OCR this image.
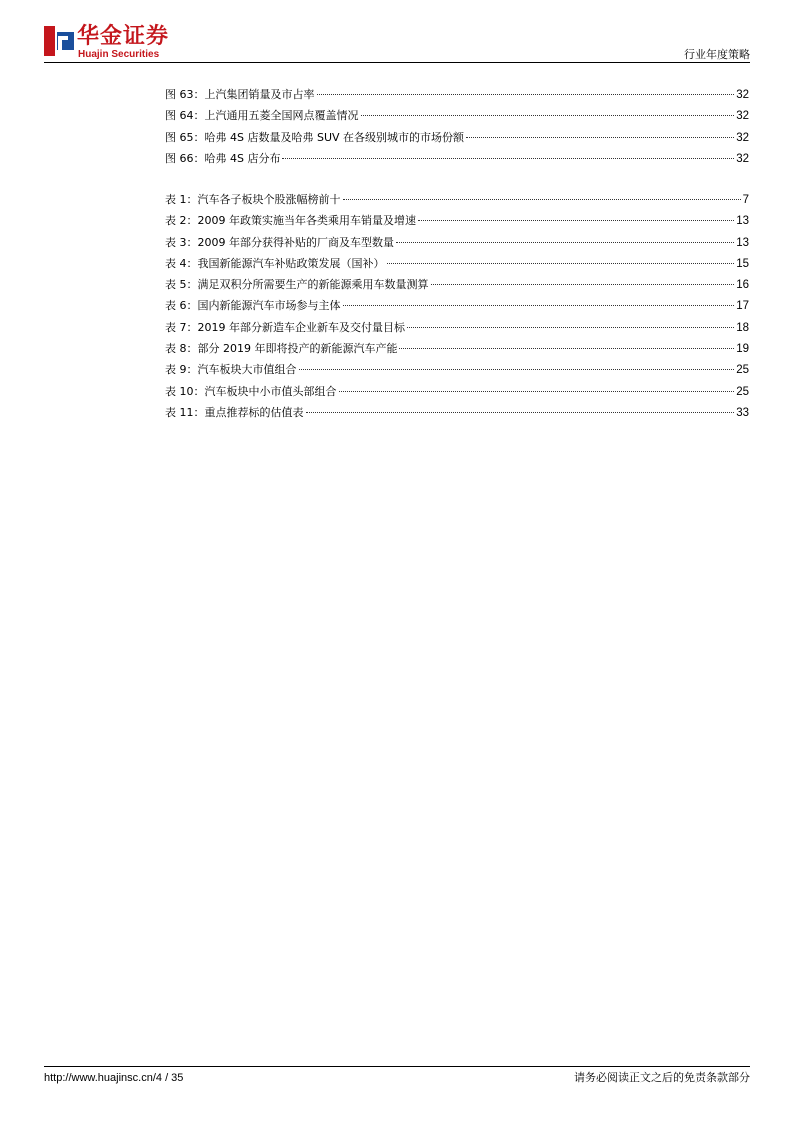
华金证券
Huajin Securities	行业年度策略
图 63：上汽集团销量及市占率	32
图 64：上汽通用五菱全国网点覆盖情况	32
图 65：哈弗 4S 店数量及哈弗 SUV 在各级别城市的市场份额	32
图 66：哈弗 4S 店分布	32
表 1：汽车各子板块个股涨幅榜前十	7
表 2：2009 年政策实施当年各类乘用车销量及增速	13
表 3：2009 年部分获得补贴的厂商及车型数量	13
表 4：我国新能源汽车补贴政策发展（国补）	15
表 5：满足双积分所需要生产的新能源乘用车数量测算	16
表 6：国内新能源汽车市场参与主体	17
表 7：2019 年部分新造车企业新车及交付量目标	18
表 8：部分 2019 年即将投产的新能源汽车产能	19
表 9：汽车板块大市值组合	25
表 10：汽车板块中小市值头部组合	25
表 11：重点推荐标的估值表	33
http://www.huajinsc.cn/4 / 35	请务必阅读正文之后的免责条款部分
